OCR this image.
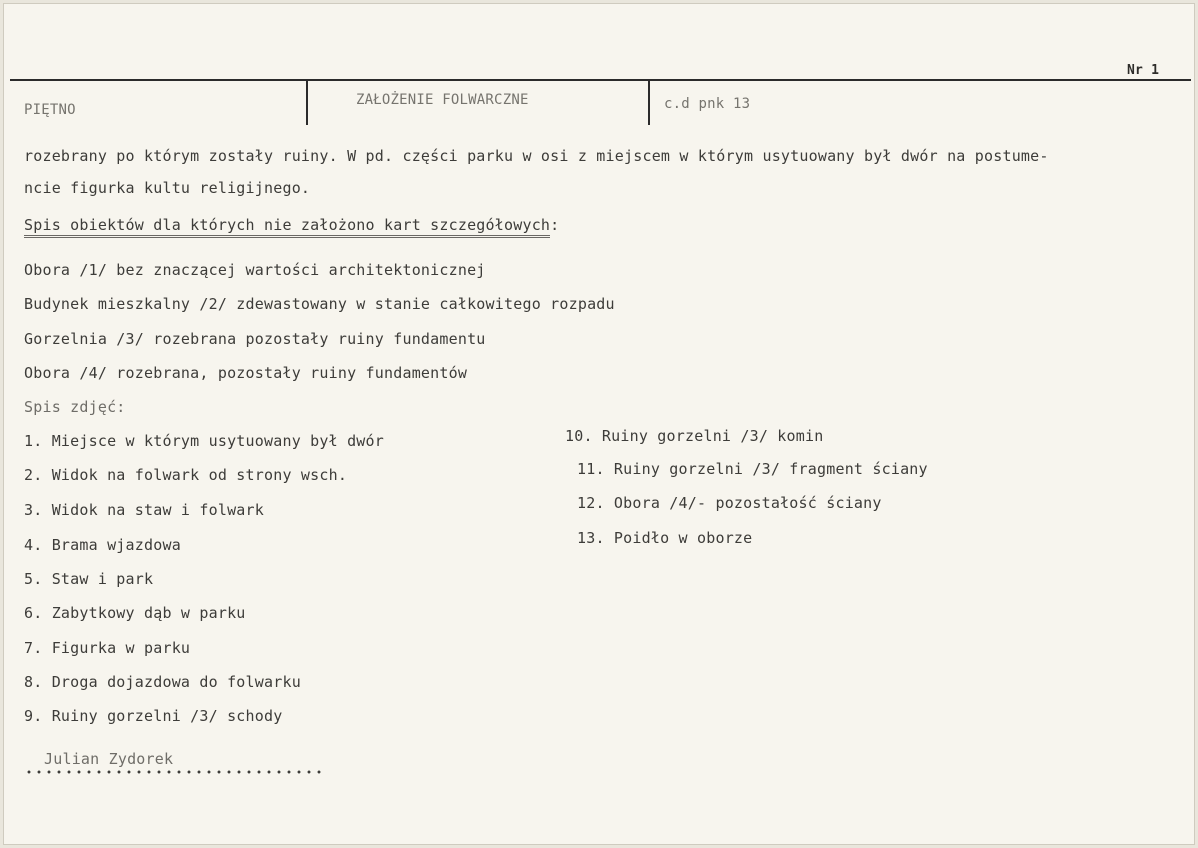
Nr 1
PIĘTNO
ZAŁOŻENIE FOLWARCZNE	c.d pnk 13
rozebrany po którym zostały ruiny. W pd. części parku w osi z miejscem w którym usytuowany był dwór na postume-
ncie figurka kultu religijnego.
Spis obiektów dla których nie założono kart szczegółowych:
Obora /1/ bez znaczącej wartości architektonicznej
Budynek mieszkalny /2/ zdewastowany w stanie całkowitego rozpadu
Gorzelnia /3/ rozebrana pozostały ruiny fundamentu
Obora /4/ rozebrana, pozostały ruiny fundamentów
Spis zdjęć:
1. Miejsce w którym usytuowany był dwór
2. Widok na folwark od strony wsch.
3. Widok na staw i folwark
4. Brama wjazdowa
5. Staw i park
6. Zabytkowy dąb w parku
7. Figurka w parku
8. Droga dojazdowa do folwarku
9. Ruiny gorzelni /3/ schody
10. Ruiny gorzelni /3/ komin
11. Ruiny gorzelni /3/ fragment ściany
12. Obora /4/- pozostałość ściany
13. Poidło w oborze
Julian Zydorek
